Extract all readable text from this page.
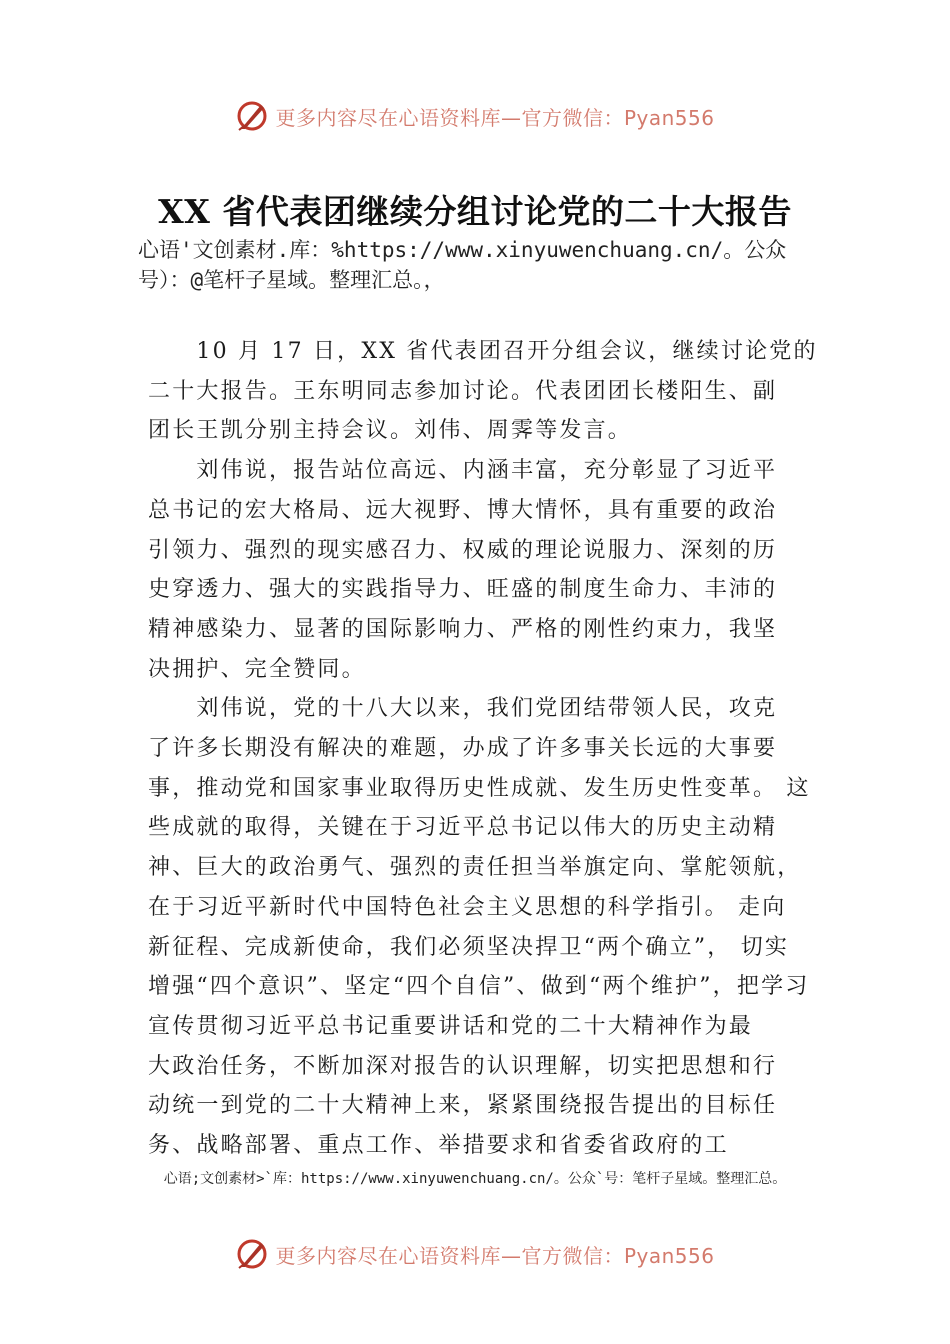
更多内容尽在心语资料库—官方微信：Pyan556
XX 省代表团继续分组讨论党的二十大报告
心语'文创素材.库：%https://www.xinyuwenchuang.cn/。公众
号）：@笔杆子星域。整理汇总。，
　　10 月 17 日，XX 省代表团召开分组会议，继续讨论党的
二十大报告。王东明同志参加讨论。代表团团长楼阳生、副
团长王凯分别主持会议。刘伟、周霁等发言。
　　刘伟说，报告站位高远、内涵丰富，充分彰显了习近平
总书记的宏大格局、远大视野、博大情怀，具有重要的政治
引领力、强烈的现实感召力、权威的理论说服力、深刻的历
史穿透力、强大的实践指导力、旺盛的制度生命力、丰沛的
精神感染力、显著的国际影响力、严格的刚性约束力，我坚
决拥护、完全赞同。
　　刘伟说，党的十八大以来，我们党团结带领人民，攻克
了许多长期没有解决的难题，办成了许多事关长远的大事要
事，推动党和国家事业取得历史性成就、发生历史性变革。 这
些成就的取得，关键在于习近平总书记以伟大的历史主动精
神、巨大的政治勇气、强烈的责任担当举旗定向、掌舵领航，
在于习近平新时代中国特色社会主义思想的科学指引。 走向
新征程、完成新使命，我们必须坚决捍卫“两个确立”， 切实
增强“四个意识”、坚定“四个自信”、做到“两个维护”，把学习
宣传贯彻习近平总书记重要讲话和党的二十大精神作为最
大政治任务，不断加深对报告的认识理解，切实把思想和行
动统一到党的二十大精神上来，紧紧围绕报告提出的目标任
务、战略部署、重点工作、举措要求和省委省政府的工
心语;文创素材>`库：https://www.xinyuwenchuang.cn/。公众`号：笔杆子星域。整理汇总。
更多内容尽在心语资料库—官方微信：Pyan556
